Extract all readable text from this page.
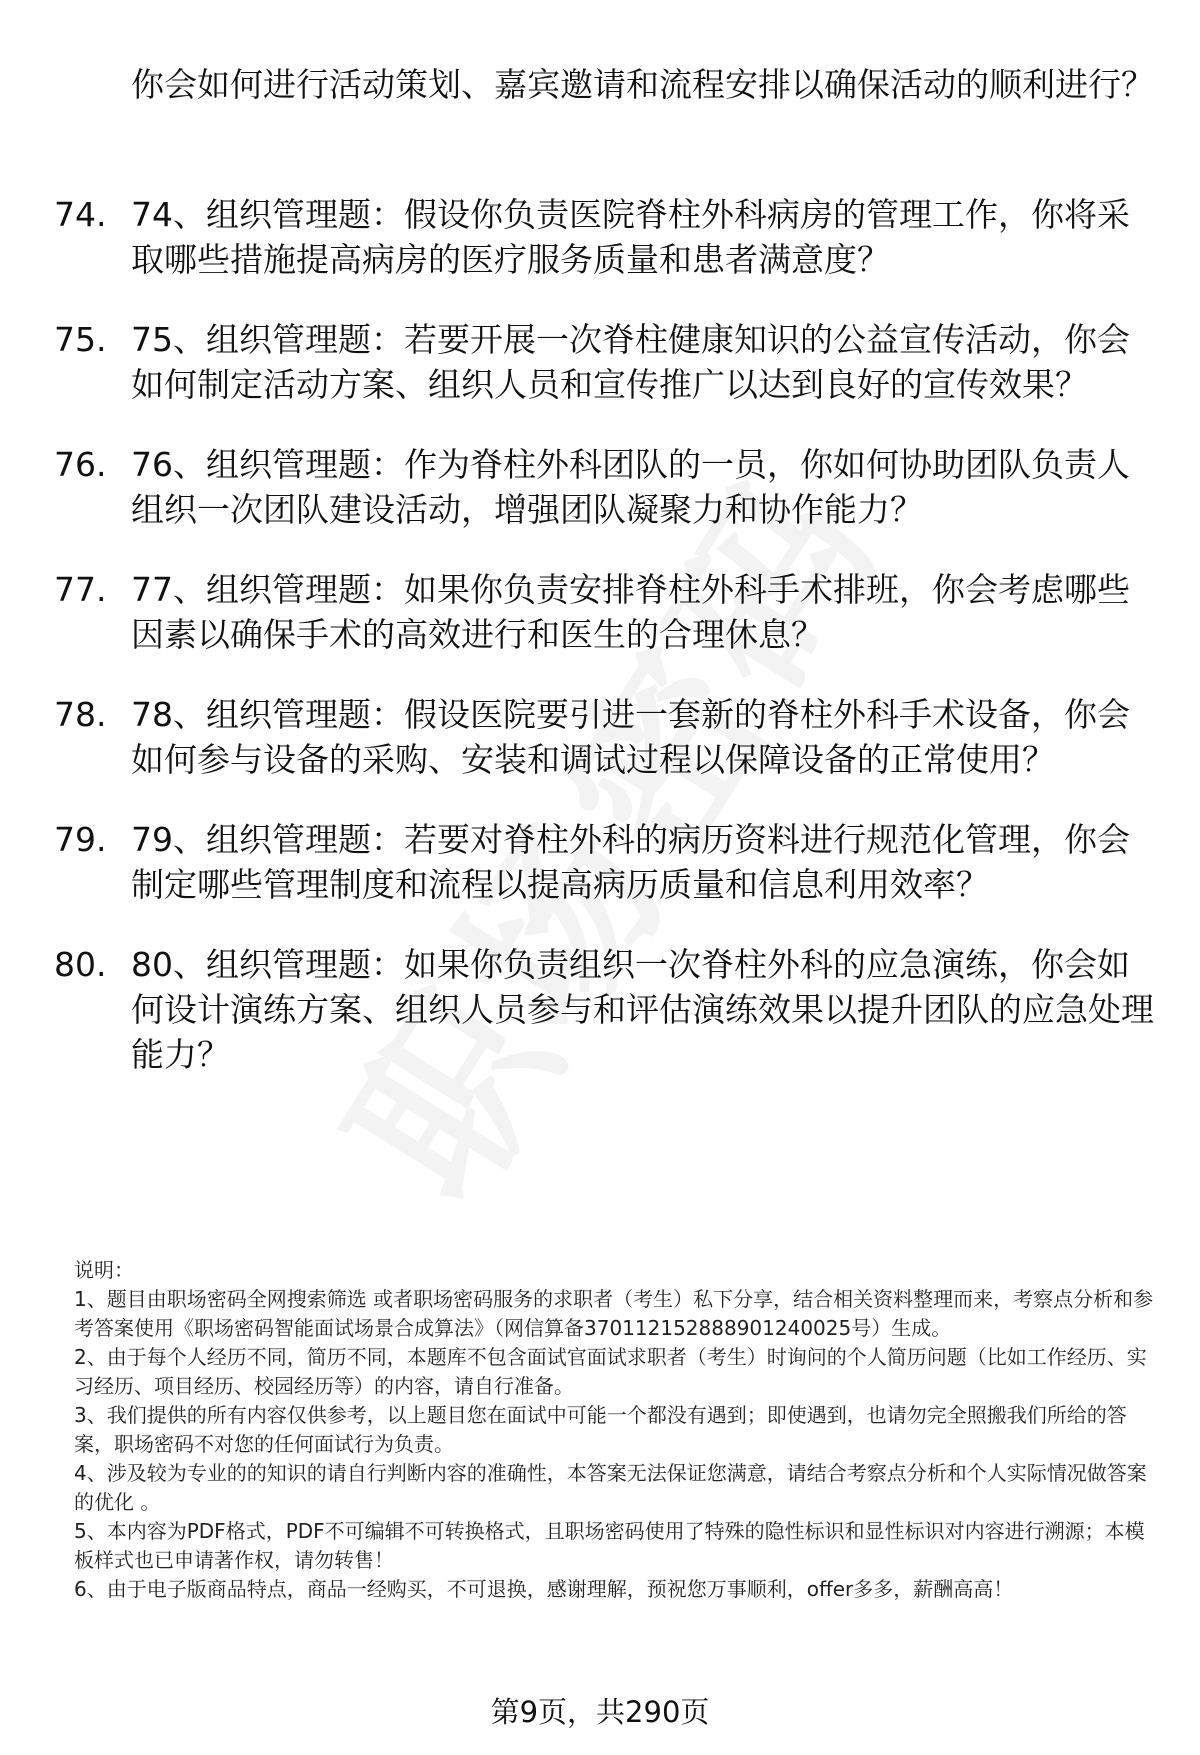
你会如何进行活动策划、嘉宾邀请和流程安排以确保活动的顺利进行？
74. 74、组织管理题：假设你负责医院脊柱外科病房的管理工作，你将采取哪些措施提高病房的医疗服务质量和患者满意度？
75. 75、组织管理题：若要开展一次脊柱健康知识的公益宣传活动，你会如何制定活动方案、组织人员和宣传推广以达到良好的宣传效果？
76. 76、组织管理题：作为脊柱外科团队的一员，你如何协助团队负责人组织一次团队建设活动，增强团队凝聚力和协作能力？
77. 77、组织管理题：如果你负责安排脊柱外科手术排班，你会考虑哪些因素以确保手术的高效进行和医生的合理休息？
78. 78、组织管理题：假设医院要引进一套新的脊柱外科手术设备，你会如何参与设备的采购、安装和调试过程以保障设备的正常使用？
79. 79、组织管理题：若要对脊柱外科的病历资料进行规范化管理，你会制定哪些管理制度和流程以提高病历质量和信息利用效率？
80. 80、组织管理题：如果你负责组织一次脊柱外科的应急演练，你会如何设计演练方案、组织人员参与和评估演练效果以提升团队的应急处理能力？

说明：

1、题目由职场密码全网搜索筛选 或者职场密码服务的求职者（考生）私下分享，结合相关资料整理而来，考察点分析和参考答案使用《职场密码智能面试场景合成算法》（网信算备370112152888901240025号）生成。

2、由于每个人经历不同，简历不同，本题库不包含面试官面试求职者（考生）时询问的个人简历问题（比如工作经历、实习经历、项目经历、校园经历等）的内容，请自行准备。

3、我们提供的所有内容仅供参考，以上题目您在面试中可能一个都没有遇到；即使遇到，也请勿完全照搬我们所给的答案，职场密码不对您的任何面试行为负责。

4、涉及较为专业的的知识的请自行判断内容的准确性，本答案无法保证您满意，请结合考察点分析和个人实际情况做答案的优化 。

5、本内容为PDF格式，PDF不可编辑不可转换格式，且职场密码使用了特殊的隐性标识和显性标识对内容进行溯源；本模板样式也已申请著作权，请勿转售！

6、由于电子版商品特点，商品一经购买，不可退换，感谢理解，预祝您万事顺利，offer多多，薪酬高高！

第9页，共290页
